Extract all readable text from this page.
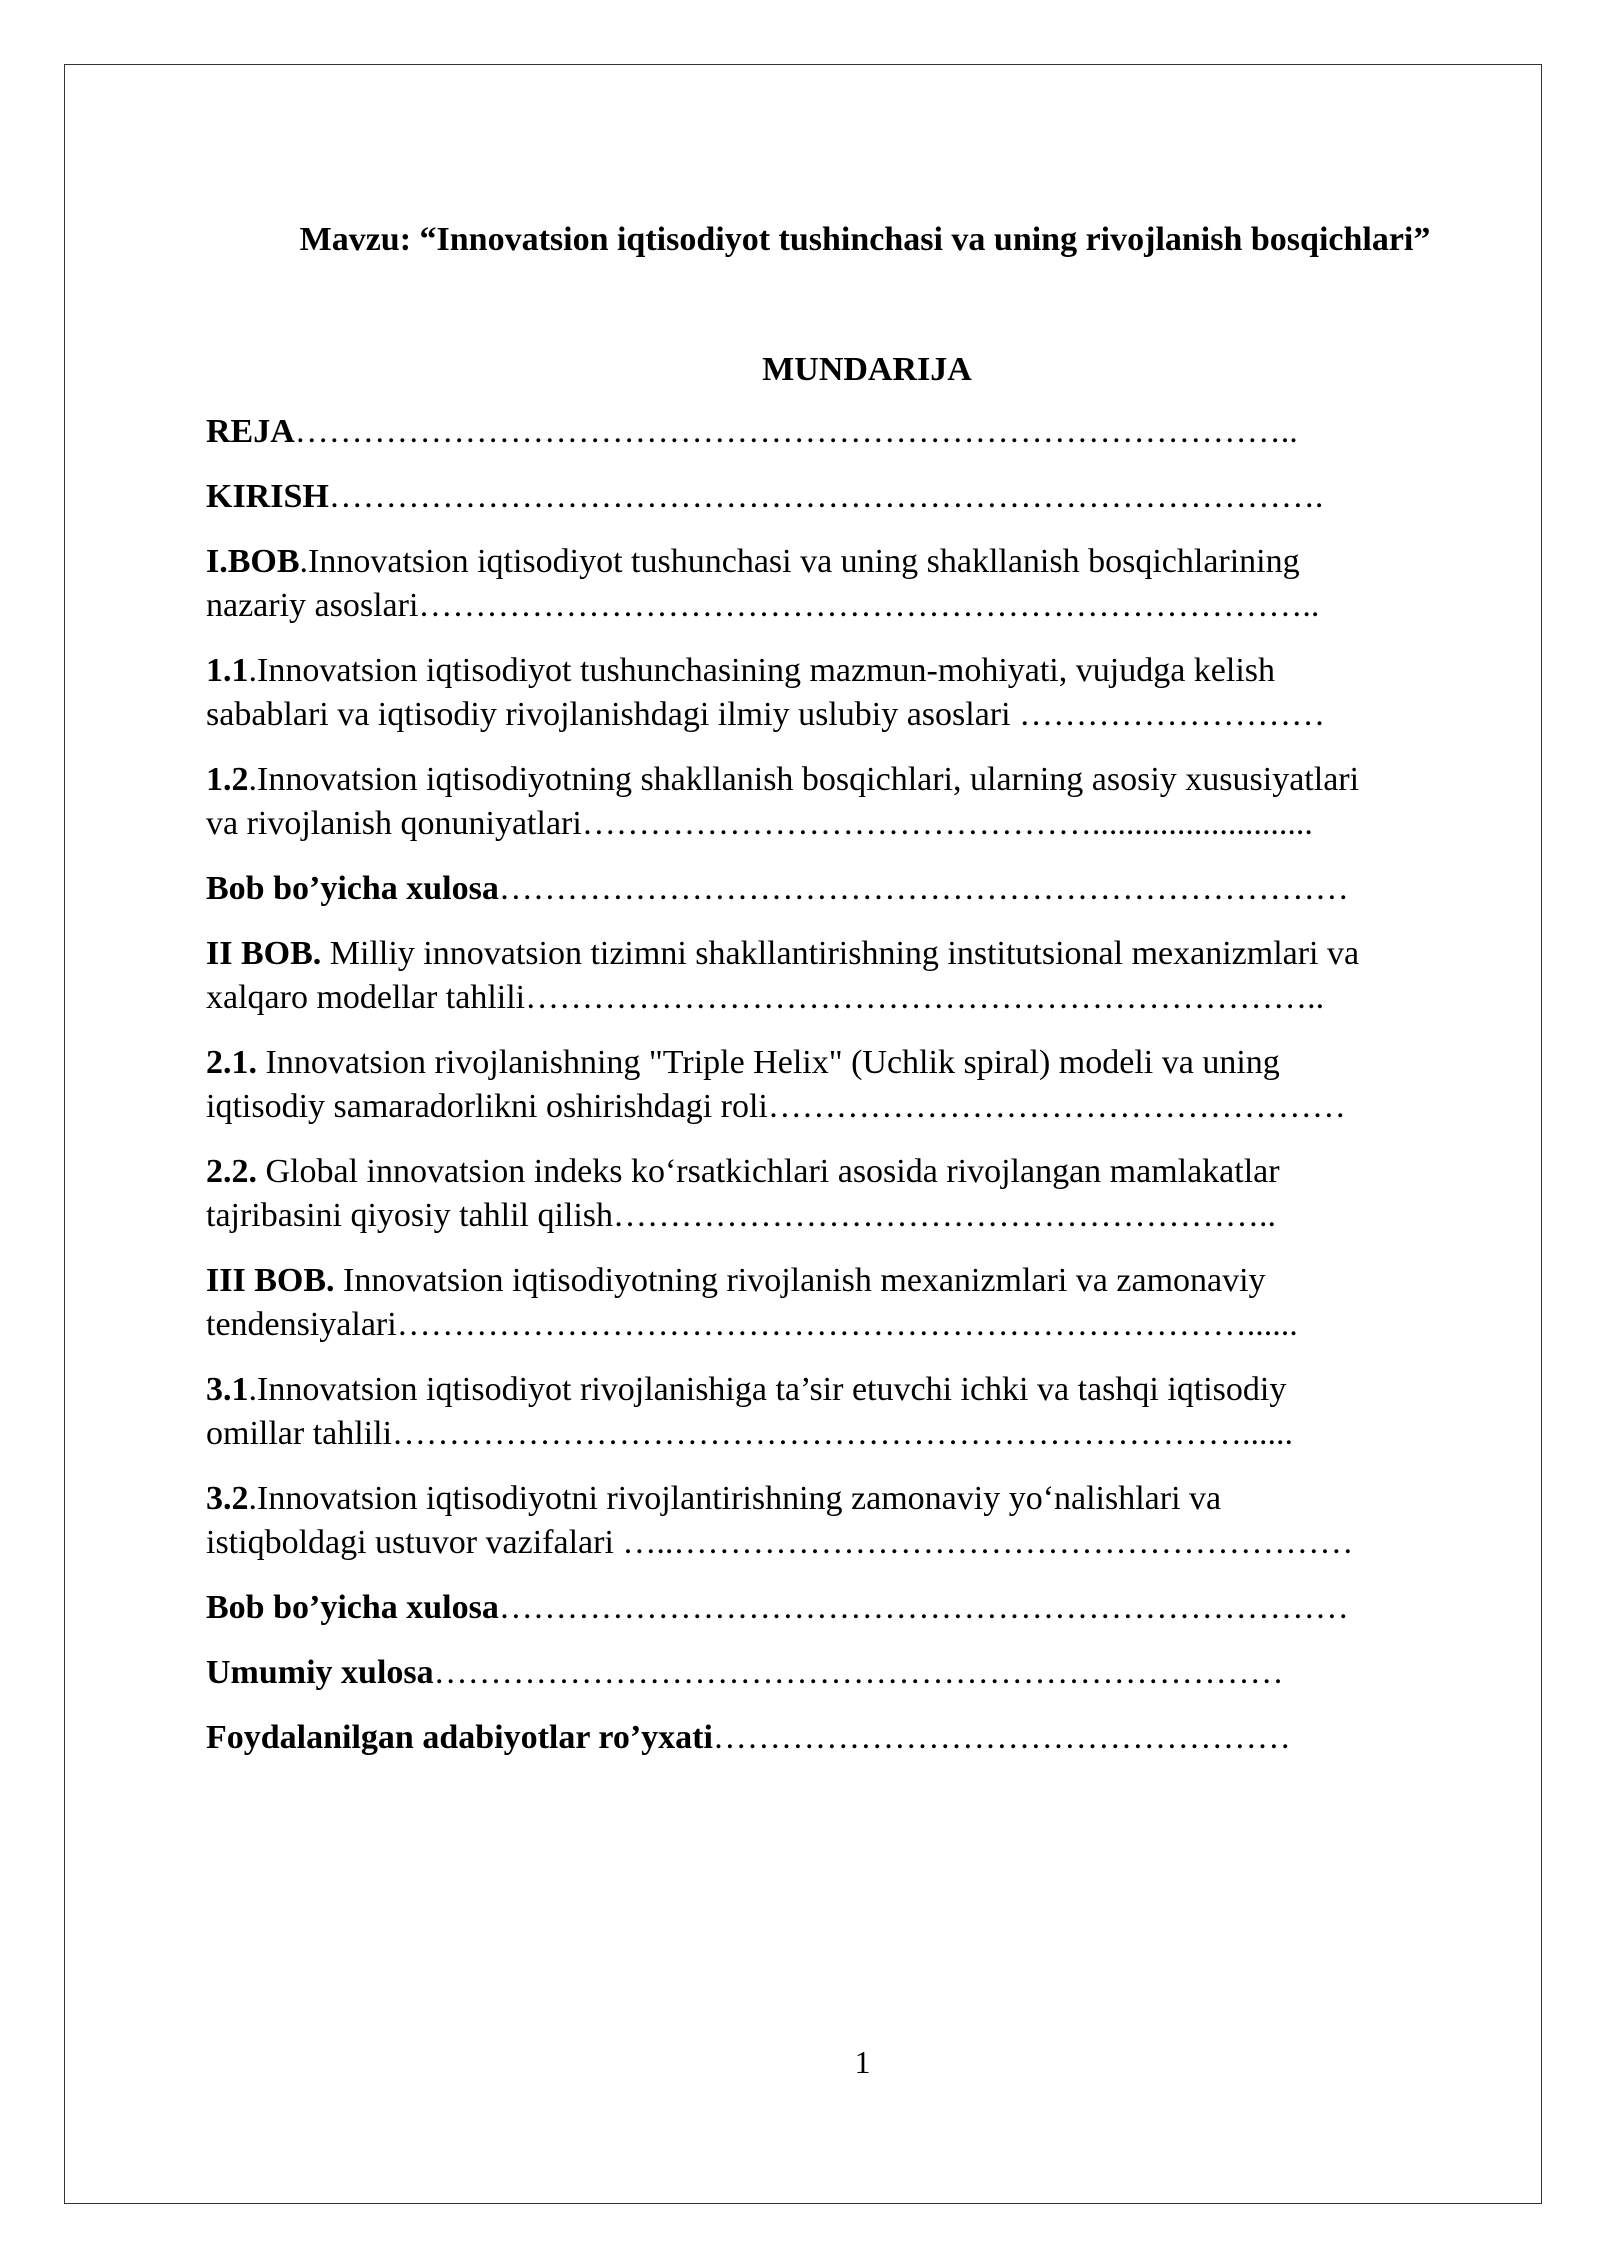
Mavzu: “Innovatsion iqtisodiyot tushinchasi va uning rivojlanish bosqichlari”
MUNDARIJA
REJA……………………………………………………………………………..
KIRISH…………………………………………………………………………….
I.BOB.Innovatsion iqtisodiyot tushunchasi va uning shakllanish bosqichlarining
nazariy asoslari……………………………………………………………………..
1.1.Innovatsion iqtisodiyot tushunchasining mazmun-mohiyati, vujudga kelish
sabablari va iqtisodiy rivojlanishdagi ilmiy uslubiy asoslari ………………………
1.2.Innovatsion iqtisodiyotning shakllanish bosqichlari, ularning asosiy xususiyatlari
va rivojlanish qonuniyatlari………………………………………..........................
Bob bo’yicha xulosa…………………………………………………………………
II BOB. Milliy innovatsion tizimni shakllantirishning institutsional mexanizmlari va
xalqaro modellar tahlili……………………………………………………………..
2.1. Innovatsion rivojlanishning "Triple Helix" (Uchlik spiral) modeli va uning
iqtisodiy samaradorlikni oshirishdagi roli……………………………………………
2.2. Global innovatsion indeks ko‘rsatkichlari asosida rivojlangan mamlakatlar
tajribasini qiyosiy tahlil qilish…………………………………………………..
III BOB. Innovatsion iqtisodiyotning rivojlanish mexanizmlari va zamonaviy
tendensiyalari…………………………………………………………………......
3.1.Innovatsion iqtisodiyot rivojlanishiga ta’sir etuvchi ichki va tashqi iqtisodiy
omillar tahlili…………………………………………………………………......
3.2.Innovatsion iqtisodiyotni rivojlantirishning zamonaviy yo‘nalishlari va
istiqboldagi ustuvor vazifalari …..……………………………………………………
Bob bo’yicha xulosa…………………………………………………………………
Umumiy xulosa…………………………………………………………………
Foydalanilgan adabiyotlar ro’yxati……………………………………………
1
